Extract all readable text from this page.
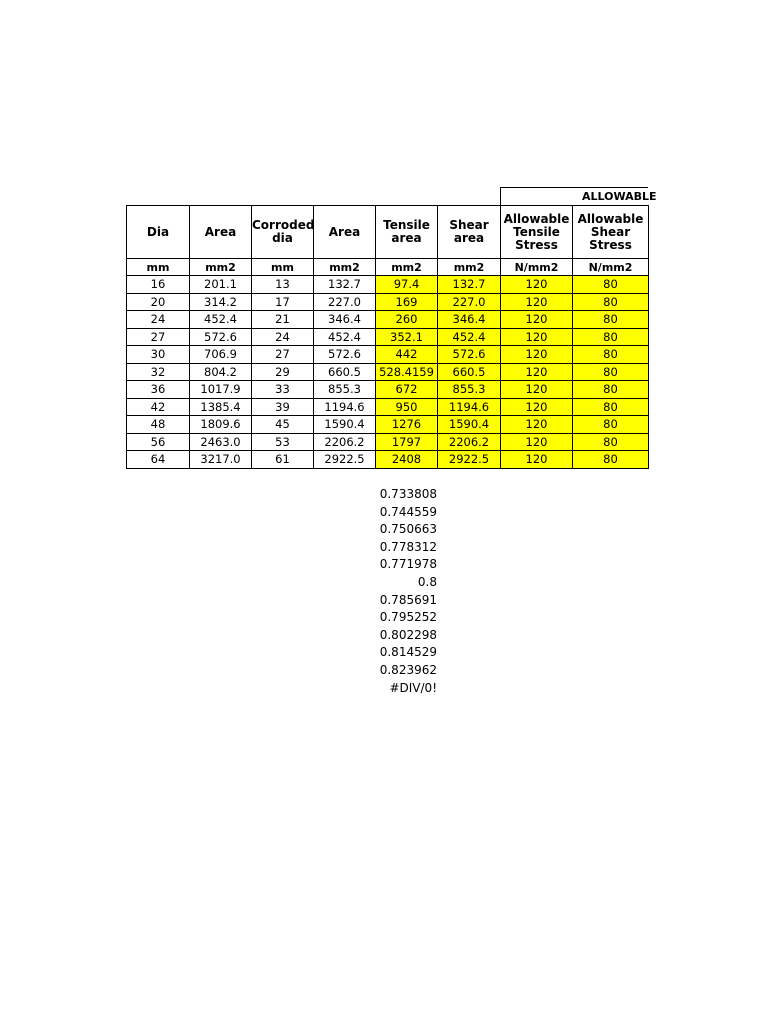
ALLOWABLE
Dia	Area	Corroded dia	Area	Tensile area	Shear area	Allowable Tensile Stress	Allowable Shear Stress
mm	mm2	mm	mm2	mm2	mm2	N/mm2	N/mm2
16	201.1	13	132.7	97.4	132.7	120	80
20	314.2	17	227.0	169	227.0	120	80
24	452.4	21	346.4	260	346.4	120	80
27	572.6	24	452.4	352.1	452.4	120	80
30	706.9	27	572.6	442	572.6	120	80
32	804.2	29	660.5	528.4159	660.5	120	80
36	1017.9	33	855.3	672	855.3	120	80
42	1385.4	39	1194.6	950	1194.6	120	80
48	1809.6	45	1590.4	1276	1590.4	120	80
56	2463.0	53	2206.2	1797	2206.2	120	80
64	3217.0	61	2922.5	2408	2922.5	120	80
0.733808
0.744559
0.750663
0.778312
0.771978
0.8
0.785691
0.795252
0.802298
0.814529
0.823962
#DIV/0!
